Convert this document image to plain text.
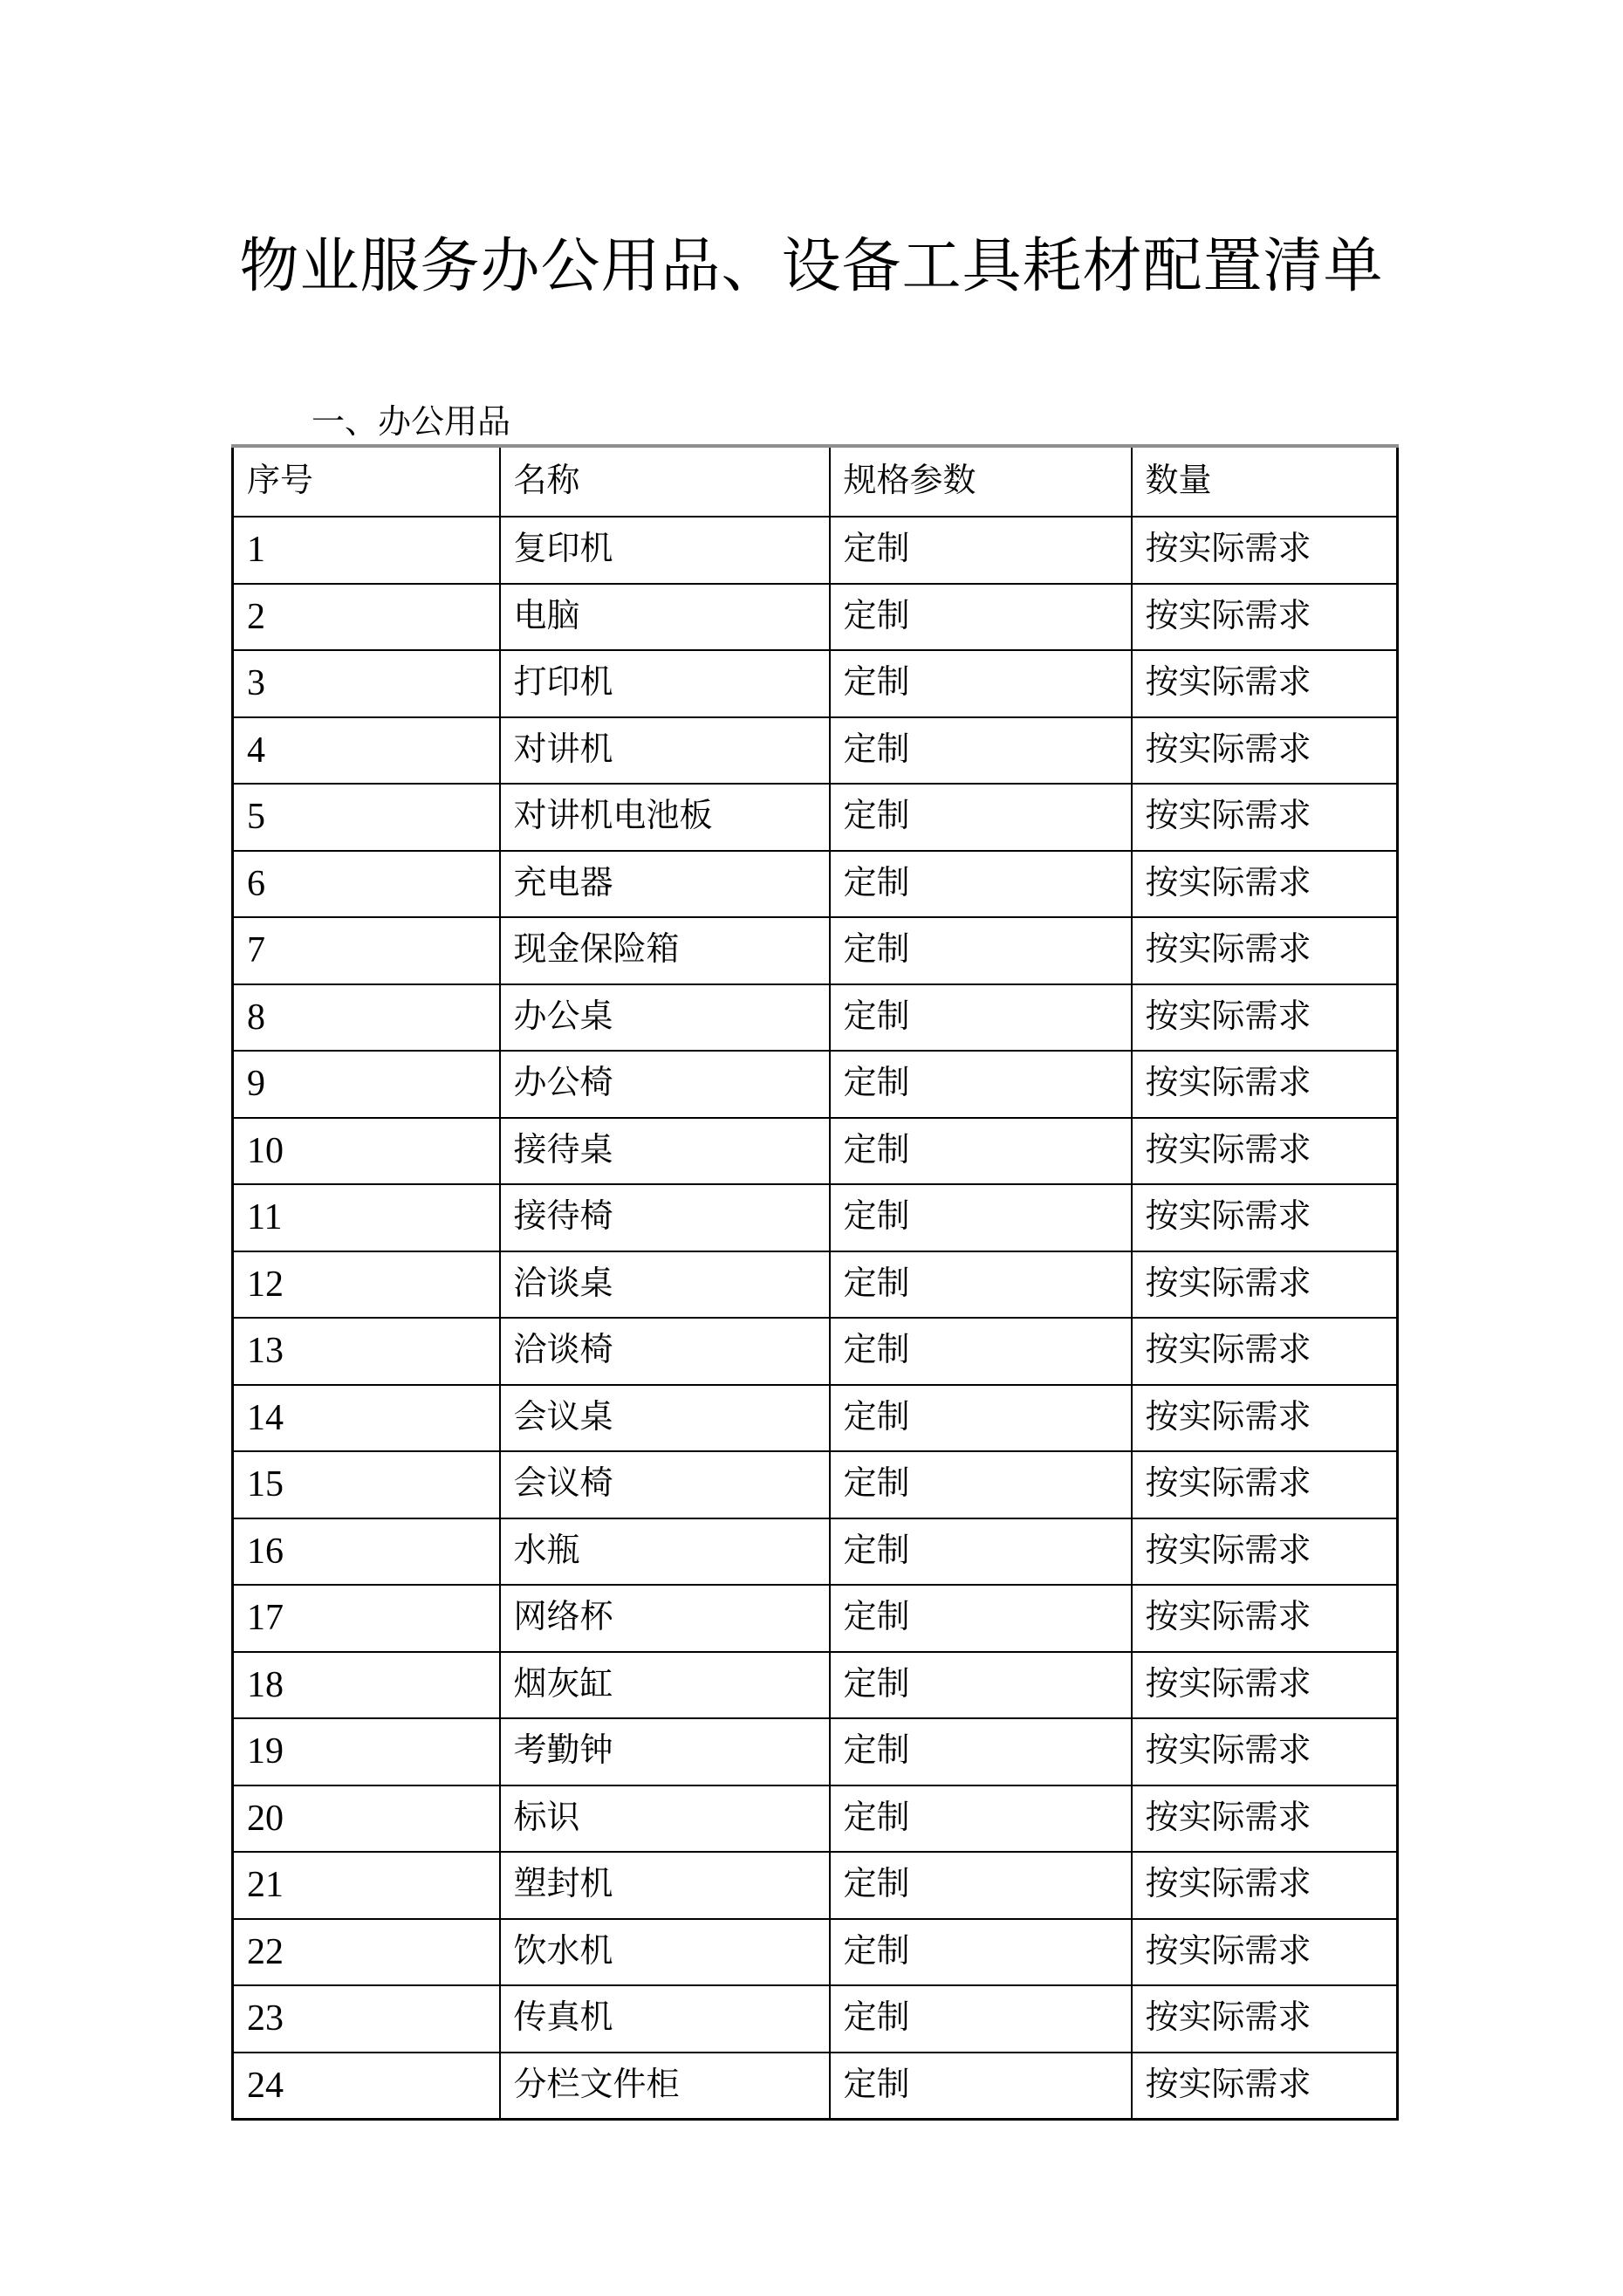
物业服务办公用品、设备工具耗材配置清单
一、办公用品
序号	名称	规格参数	数量
1	复印机	定制	按实际需求
2	电脑	定制	按实际需求
3	打印机	定制	按实际需求
4	对讲机	定制	按实际需求
5	对讲机电池板	定制	按实际需求
6	充电器	定制	按实际需求
7	现金保险箱	定制	按实际需求
8	办公桌	定制	按实际需求
9	办公椅	定制	按实际需求
10	接待桌	定制	按实际需求
11	接待椅	定制	按实际需求
12	洽谈桌	定制	按实际需求
13	洽谈椅	定制	按实际需求
14	会议桌	定制	按实际需求
15	会议椅	定制	按实际需求
16	水瓶	定制	按实际需求
17	网络杯	定制	按实际需求
18	烟灰缸	定制	按实际需求
19	考勤钟	定制	按实际需求
20	标识	定制	按实际需求
21	塑封机	定制	按实际需求
22	饮水机	定制	按实际需求
23	传真机	定制	按实际需求
24	分栏文件柜	定制	按实际需求
